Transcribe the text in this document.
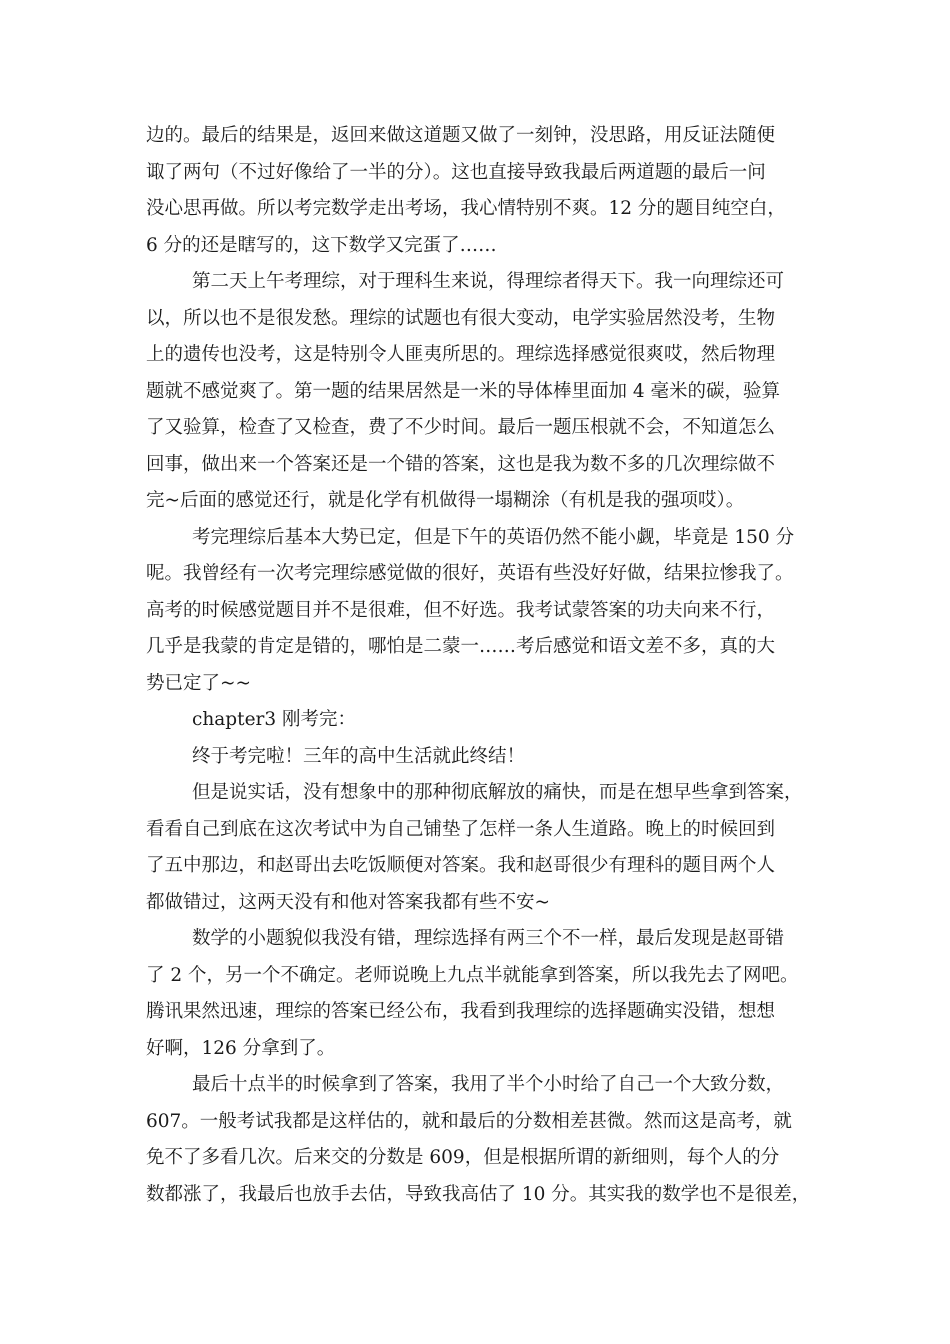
边的。最后的结果是，返回来做这道题又做了一刻钟，没思路，用反证法随便
诹了两句（不过好像给了一半的分）。这也直接导致我最后两道题的最后一问
没心思再做。所以考完数学走出考场，我心情特别不爽。12 分的题目纯空白，
6 分的还是瞎写的，这下数学又完蛋了……
第二天上午考理综，对于理科生来说，得理综者得天下。我一向理综还可
以，所以也不是很发愁。理综的试题也有很大变动，电学实验居然没考，生物
上的遗传也没考，这是特别令人匪夷所思的。理综选择感觉很爽哎，然后物理
题就不感觉爽了。第一题的结果居然是一米的导体棒里面加 4 毫米的碳，验算
了又验算，检查了又检查，费了不少时间。最后一题压根就不会，不知道怎么
回事，做出来一个答案还是一个错的答案，这也是我为数不多的几次理综做不
完~后面的感觉还行，就是化学有机做得一塌糊涂（有机是我的强项哎）。
考完理综后基本大势已定，但是下午的英语仍然不能小觑，毕竟是 150 分
呢。我曾经有一次考完理综感觉做的很好，英语有些没好好做，结果拉惨我了。
高考的时候感觉题目并不是很难，但不好选。我考试蒙答案的功夫向来不行，
几乎是我蒙的肯定是错的，哪怕是二蒙一……考后感觉和语文差不多，真的大
势已定了~~
chapter3 刚考完：
终于考完啦！三年的高中生活就此终结！
但是说实话，没有想象中的那种彻底解放的痛快，而是在想早些拿到答案，
看看自己到底在这次考试中为自己铺垫了怎样一条人生道路。晚上的时候回到
了五中那边，和赵哥出去吃饭顺便对答案。我和赵哥很少有理科的题目两个人
都做错过，这两天没有和他对答案我都有些不安~
数学的小题貌似我没有错，理综选择有两三个不一样，最后发现是赵哥错
了 2 个，另一个不确定。老师说晚上九点半就能拿到答案，所以我先去了网吧。
腾讯果然迅速，理综的答案已经公布，我看到我理综的选择题确实没错，想想
好啊，126 分拿到了。
最后十点半的时候拿到了答案，我用了半个小时给了自己一个大致分数，
607。一般考试我都是这样估的，就和最后的分数相差甚微。然而这是高考，就
免不了多看几次。后来交的分数是 609，但是根据所谓的新细则，每个人的分
数都涨了，我最后也放手去估，导致我高估了 10 分。其实我的数学也不是很差，
